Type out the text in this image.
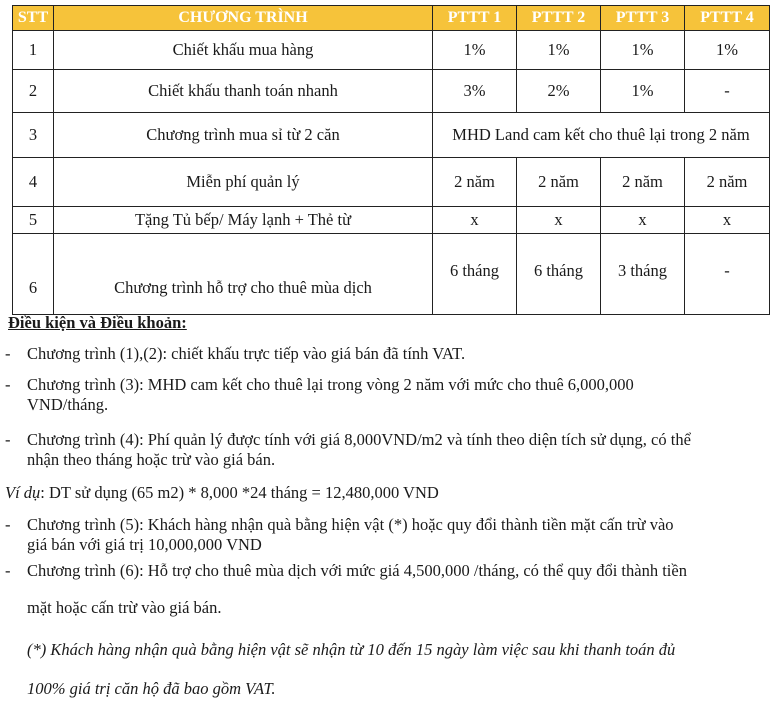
STT	CHƯƠNG TRÌNH	PTTT 1	PTTT 2	PTTT 3	PTTT 4
1	Chiết khấu mua hàng	1%	1%	1%	1%
2	Chiết khấu thanh toán nhanh	3%	2%	1%	-
3	Chương trình mua sỉ từ 2 căn	MHD Land cam kết cho thuê lại trong 2 năm			
4	Miễn phí quản lý	2 năm	2 năm	2 năm	2 năm
5	Tặng Tủ bếp/ Máy lạnh + Thẻ từ	x	x	x	x
6	Chương trình hỗ trợ cho thuê mùa dịch	6 tháng	6 tháng	3 tháng	-
Điều kiện và Điều khoản:
-	Chương trình (1),(2): chiết khấu trực tiếp vào giá bán đã tính VAT.
-	Chương trình (3): MHD cam kết cho thuê lại trong vòng 2 năm với mức cho thuê 6,000,000
VND/tháng.
-	Chương trình (4): Phí quản lý được tính với giá 8,000VND/m2 và tính theo diện tích sử dụng, có thể
nhận theo tháng hoặc trừ vào giá bán.
Ví dụ: DT sử dụng (65 m2) * 8,000 *24 tháng = 12,480,000 VND
-	Chương trình (5): Khách hàng nhận quà bằng hiện vật (*) hoặc quy đổi thành tiền mặt cấn trừ vào
giá bán với giá trị 10,000,000 VND
-	Chương trình (6): Hỗ trợ cho thuê mùa dịch với mức giá 4,500,000 /tháng, có thể quy đổi thành tiền
mặt hoặc cấn trừ vào giá bán.
(*) Khách hàng nhận quà bằng hiện vật sẽ nhận từ 10 đến 15 ngày làm việc sau khi thanh toán đủ
100% giá trị căn hộ đã bao gồm VAT.
